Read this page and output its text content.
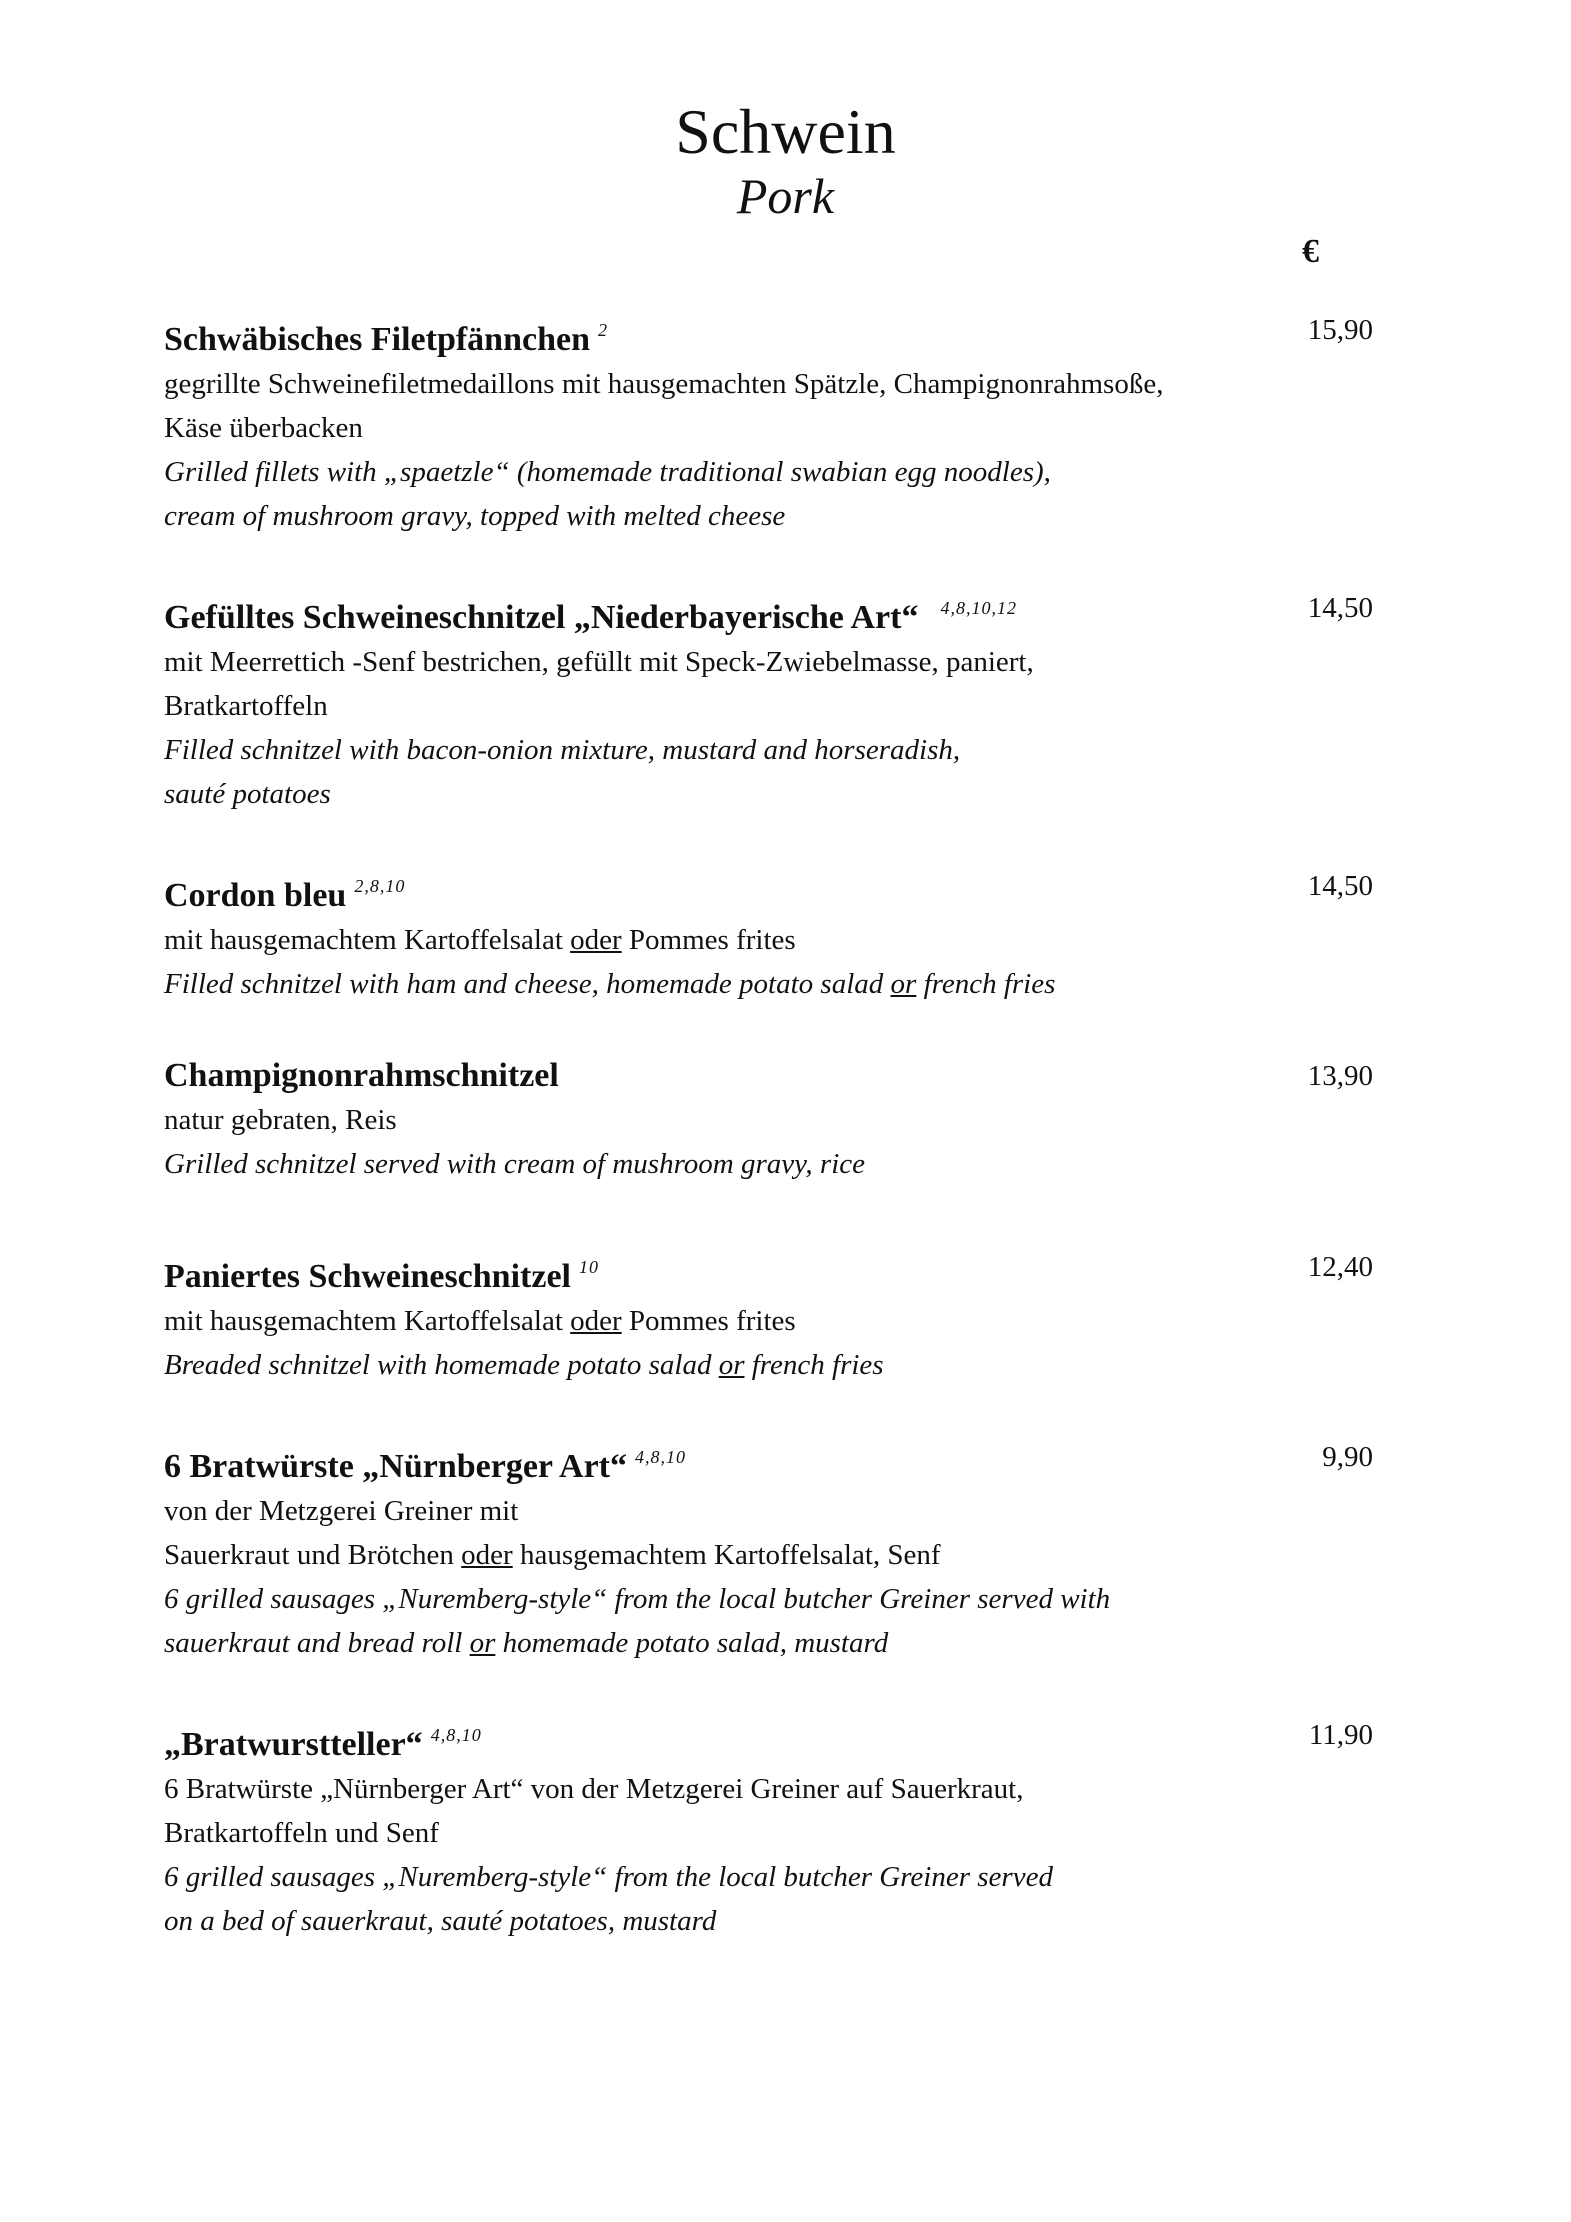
Schwein
Pork
€
Schwäbisches Filetpfännchen $^2$
gegrillte Schweinefiletmedaillons mit hausgemachten Spätzle, Champignonrahmsoße,
Käse überbacken
Grilled fillets with „spaetzle“ (homemade traditional swabian egg noodles),
cream of mushroom gravy, topped with melted cheese
15,90
Gefülltes Schweineschnitzel „Niederbayerische Art“ $^{4,8,10,12}$
mit Meerrettich -Senf bestrichen, gefüllt mit Speck-Zwiebelmasse, paniert,
Bratkartoffeln
Filled schnitzel with bacon-onion mixture, mustard and horseradish,
sauté potatoes
14,50
Cordon bleu $^{2,8,10}$
mit hausgemachtem Kartoffelsalat oder Pommes frites
Filled schnitzel with ham and cheese, homemade potato salad or french fries
14,50
Champignonrahmschnitzel
natur gebraten, Reis
Grilled schnitzel served with cream of mushroom gravy, rice
13,90
Paniertes Schweineschnitzel $^{10}$
mit hausgemachtem Kartoffelsalat oder Pommes frites
Breaded schnitzel with homemade potato salad or french fries
12,40
6 Bratwürste „Nürnberger Art“ $^{4,8,10}$
von der Metzgerei Greiner mit
Sauerkraut und Brötchen oder hausgemachtem Kartoffelsalat, Senf
6 grilled sausages „Nuremberg-style“ from the local butcher Greiner served with
sauerkraut and bread roll or homemade potato salad, mustard
9,90
„Bratwurstteller“ $^{4,8,10}$
6 Bratwürste „Nürnberger Art“ von der Metzgerei Greiner auf Sauerkraut,
Bratkartoffeln und Senf
6 grilled sausages „Nuremberg-style“ from the local butcher Greiner served
on a bed of sauerkraut, sauté potatoes, mustard
11,90
